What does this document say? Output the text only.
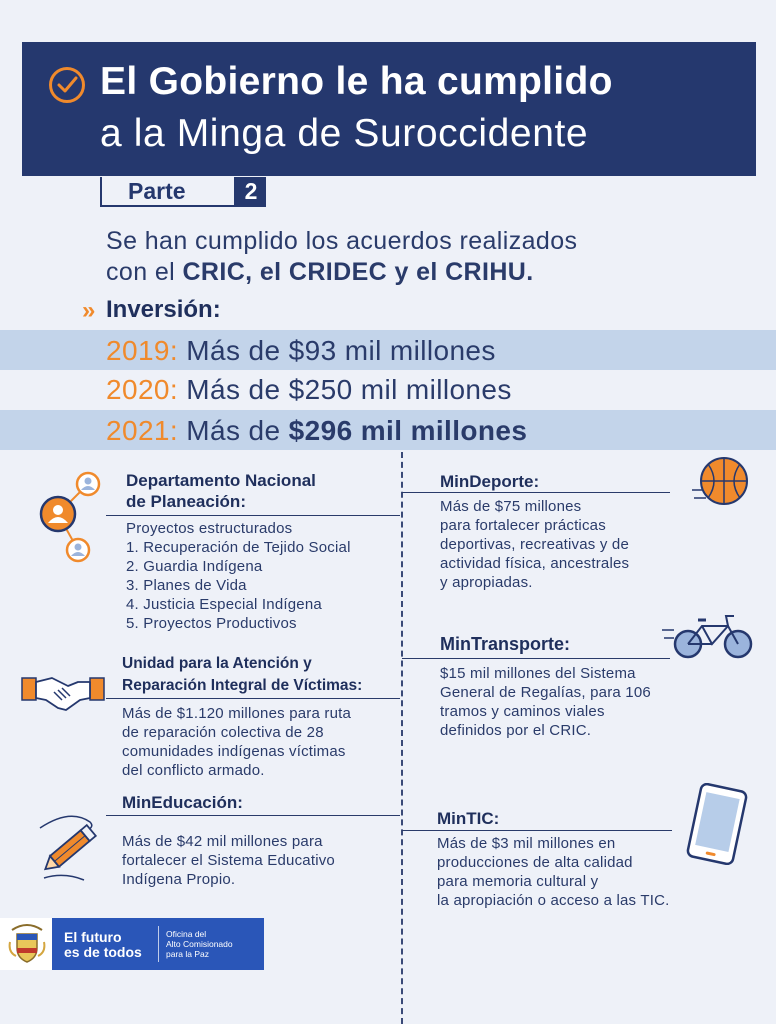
El Gobierno le ha cumplido
a la Minga de Suroccidente
Parte	2
Se han cumplido los acuerdos realizados
con el CRIC, el CRIDEC y el CRIHU.
» Inversión:
2019: Más de $93 mil millones
2020: Más de $250 mil millones
2021: Más de $296 mil millones
Departamento Nacional
de Planeación:
Proyectos estructurados
1. Recuperación de Tejido Social
2. Guardia Indígena
3. Planes de Vida
4. Justicia Especial Indígena
5. Proyectos Productivos
Unidad para la Atención y
Reparación Integral de Víctimas:
Más de $1.120 millones para ruta
de reparación colectiva de 28
comunidades indígenas víctimas
del conflicto armado.
MinEducación:
Más de $42 mil millones para
fortalecer el Sistema Educativo
Indígena Propio.
MinDeporte:
Más de $75 millones
para fortalecer prácticas
deportivas, recreativas y de
actividad física, ancestrales
y apropiadas.
MinTransporte:
$15 mil millones del Sistema
General de Regalías, para 106
tramos y caminos viales
definidos por el CRIC.
MinTIC:
Más de $3 mil millones en
producciones de alta calidad
para memoria cultural y
la apropiación o acceso a las TIC.
El futuro
es de todos
Oficina del
Alto Comisionado
para la Paz
